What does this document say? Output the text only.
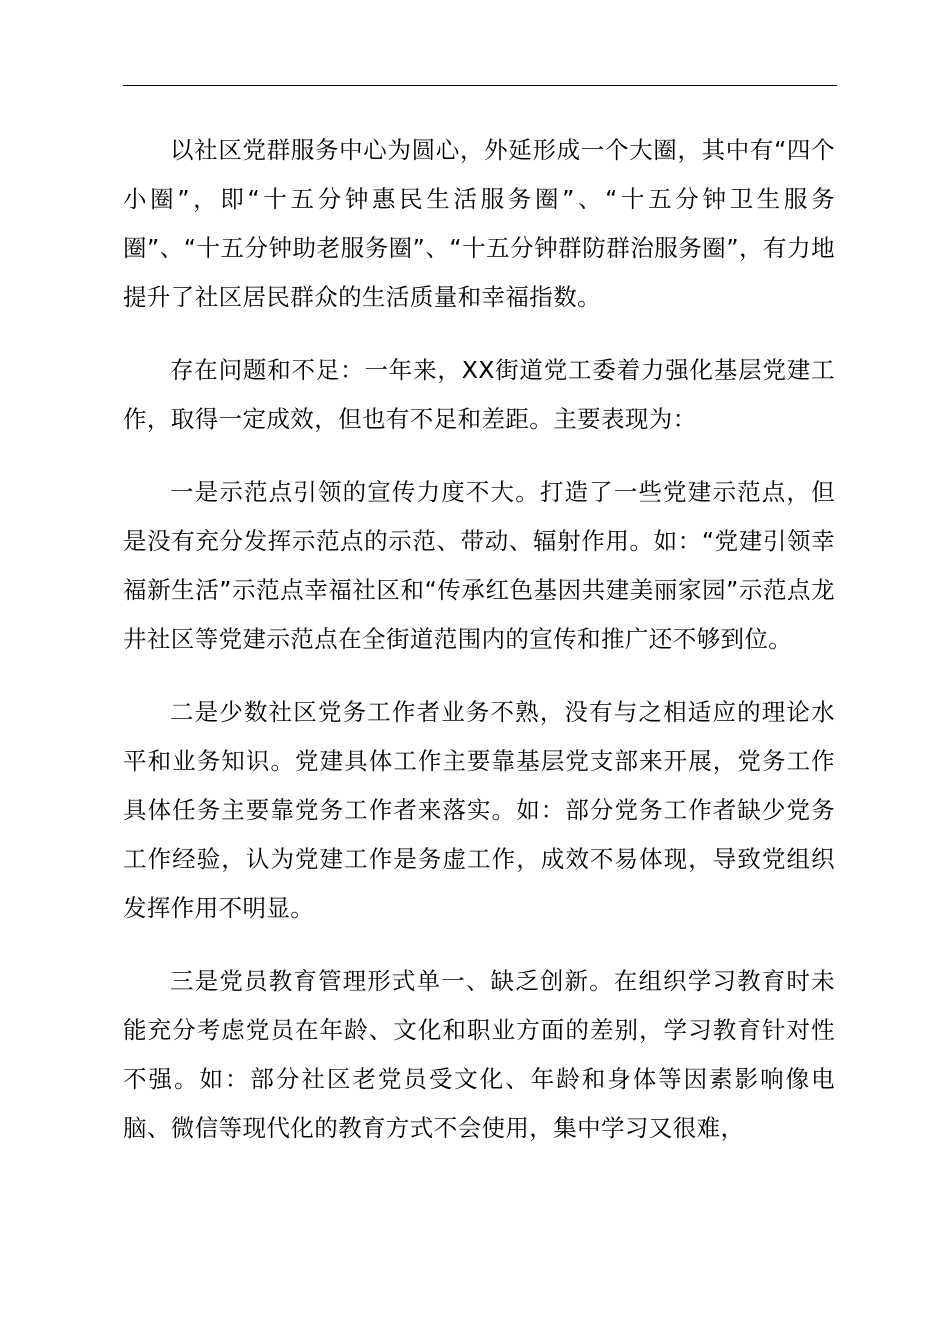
以社区党群服务中心为圆心，外延形成一个大圈，其中有“四个小圈”，即“十五分钟惠民生活服务圈”、“十五分钟卫生服务圈”、“十五分钟助老服务圈”、“十五分钟群防群治服务圈”，有力地提升了社区居民群众的生活质量和幸福指数。

存在问题和不足：一年来，XX街道党工委着力强化基层党建工作，取得一定成效，但也有不足和差距。主要表现为：

一是示范点引领的宣传力度不大。打造了一些党建示范点，但是没有充分发挥示范点的示范、带动、辐射作用。如：“党建引领幸福新生活”示范点幸福社区和“传承红色基因共建美丽家园”示范点龙井社区等党建示范点在全街道范围内的宣传和推广还不够到位。

二是少数社区党务工作者业务不熟，没有与之相适应的理论水平和业务知识。党建具体工作主要靠基层党支部来开展，党务工作具体任务主要靠党务工作者来落实。如：部分党务工作者缺少党务工作经验，认为党建工作是务虚工作，成效不易体现，导致党组织发挥作用不明显。

三是党员教育管理形式单一、缺乏创新。在组织学习教育时未能充分考虑党员在年龄、文化和职业方面的差别，学习教育针对性不强。如：部分社区老党员受文化、年龄和身体等因素影响像电脑、微信等现代化的教育方式不会使用，集中学习又很难，
